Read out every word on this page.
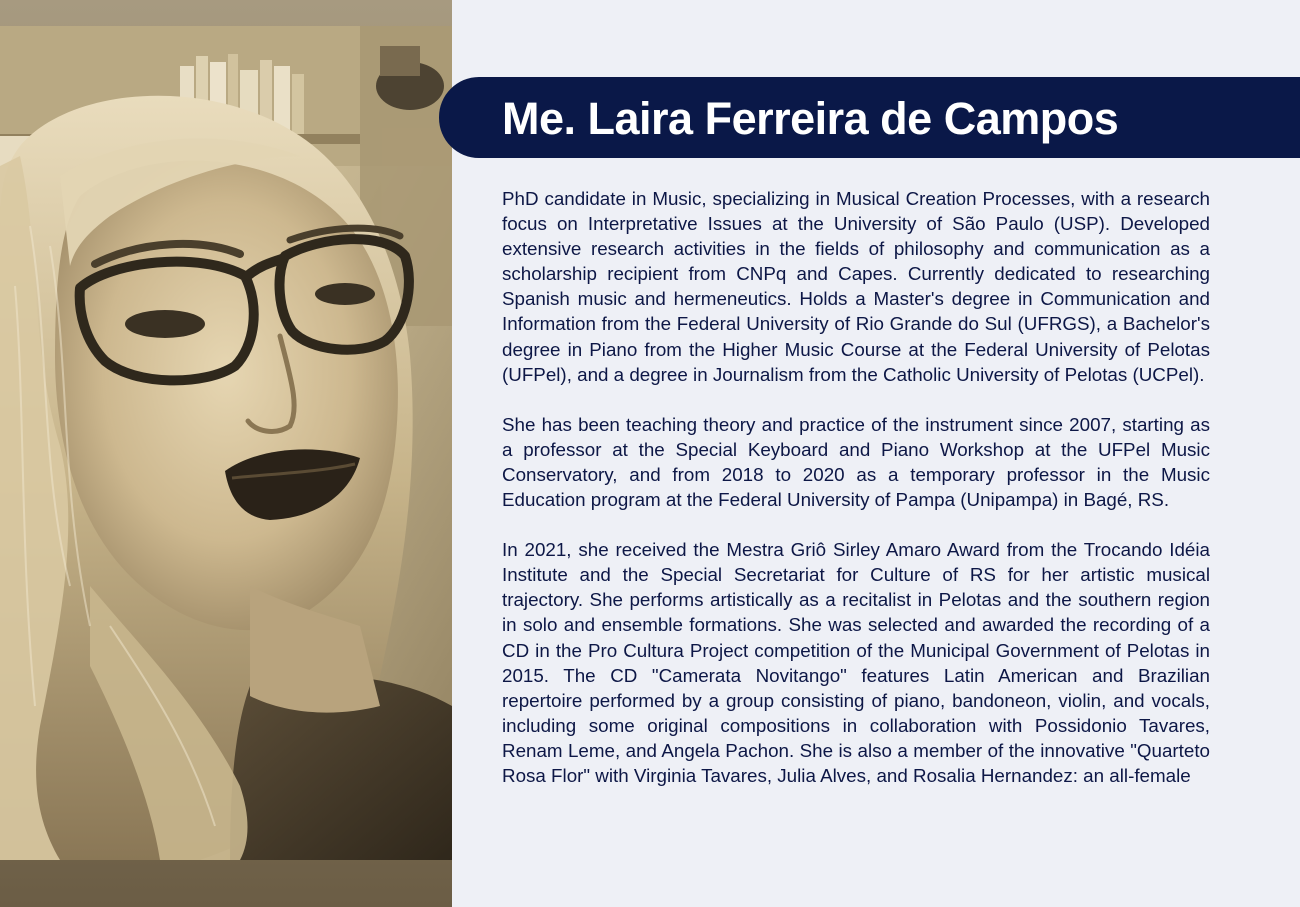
Me. Laira Ferreira de Campos

PhD candidate in Music, specializing in Musical Creation Processes, with a research focus on Interpretative Issues at the University of São Paulo (USP). Developed extensive research activities in the fields of philosophy and communication as a scholarship recipient from CNPq and Capes. Currently dedicated to researching Spanish music and hermeneutics. Holds a Master's degree in Communication and Information from the Federal University of Rio Grande do Sul (UFRGS), a Bachelor's degree in Piano from the Higher Music Course at the Federal University of Pelotas (UFPel), and a degree in Journalism from the Catholic University of Pelotas (UCPel).

She has been teaching theory and practice of the instrument since 2007, starting as a professor at the Special Keyboard and Piano Workshop at the UFPel Music Conservatory, and from 2018 to 2020 as a temporary professor in the Music Education program at the Federal University of Pampa (Unipampa) in Bagé, RS.

In 2021, she received the Mestra Griô Sirley Amaro Award from the Trocando Idéia Institute and the Special Secretariat for Culture of RS for her artistic musical trajectory. She performs artistically as a recitalist in Pelotas and the southern region in solo and ensemble formations. She was selected and awarded the recording of a CD in the Pro Cultura Project competition of the Municipal Government of Pelotas in 2015. The CD "Camerata Novitango" features Latin American and Brazilian repertoire performed by a group consisting of piano, bandoneon, violin, and vocals, including some original compositions in collaboration with Possidonio Tavares, Renam Leme, and Angela Pachon. She is also a member of the innovative "Quarteto Rosa Flor" with Virginia Tavares, Julia Alves, and Rosalia Hernandez: an all-female
